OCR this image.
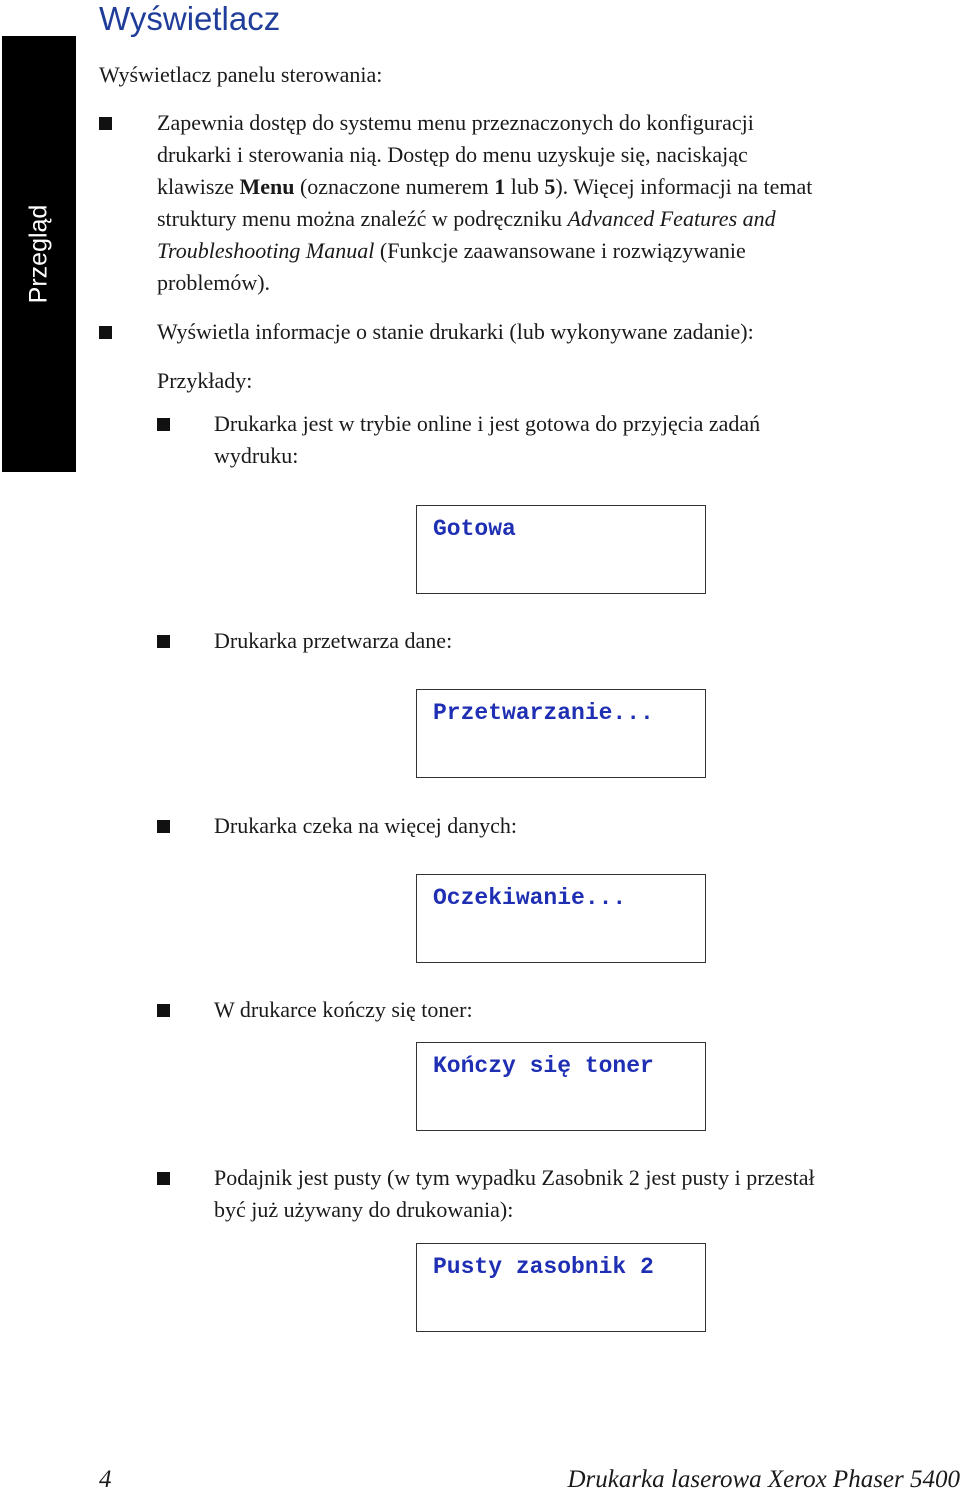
Przegląd
Wyświetlacz
Wyświetlacz panelu sterowania:
Zapewnia dostęp do systemu menu przeznaczonych do konfiguracji
drukarki i sterowania nią. Dostęp do menu uzyskuje się, naciskając
klawisze Menu (oznaczone numerem 1 lub 5). Więcej informacji na temat
struktury menu można znaleźć w podręczniku Advanced Features and
Troubleshooting Manual (Funkcje zaawansowane i rozwiązywanie
problemów).
Wyświetla informacje o stanie drukarki (lub wykonywane zadanie):
Przykłady:
Drukarka jest w trybie online i jest gotowa do przyjęcia zadań
wydruku:
Gotowa
Drukarka przetwarza dane:
Przetwarzanie...
Drukarka czeka na więcej danych:
Oczekiwanie...
W drukarce kończy się toner:
Kończy się toner
Podajnik jest pusty (w tym wypadku Zasobnik 2 jest pusty i przestał
być już używany do drukowania):
Pusty zasobnik 2
4	Drukarka laserowa Xerox Phaser 5400
